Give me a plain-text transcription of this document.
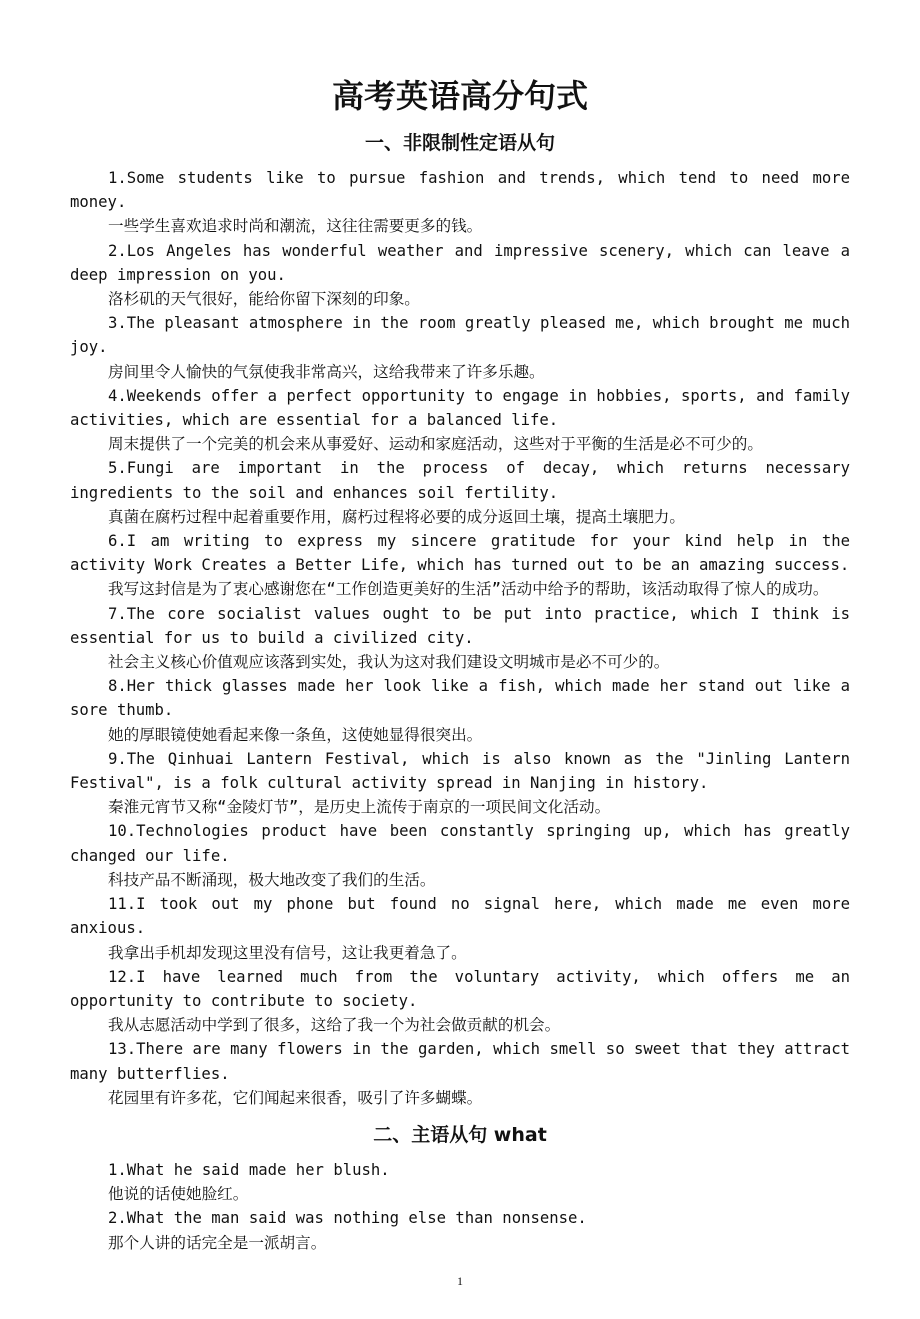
高考英语高分句式
一、非限制性定语从句

1.Some students like to pursue fashion and trends, which tend to need more money.

一些学生喜欢追求时尚和潮流，这往往需要更多的钱。

2.Los Angeles has wonderful weather and impressive scenery, which can leave a deep impression on you.

洛杉矶的天气很好，能给你留下深刻的印象。

3.The pleasant atmosphere in the room greatly pleased me, which brought me much joy.

房间里令人愉快的气氛使我非常高兴，这给我带来了许多乐趣。

4.Weekends offer a perfect opportunity to engage in hobbies, sports, and family activities, which are essential for a balanced life.

周末提供了一个完美的机会来从事爱好、运动和家庭活动，这些对于平衡的生活是必不可少的。

5.Fungi are important in the process of decay, which returns necessary ingredients to the soil and enhances soil fertility.

真菌在腐朽过程中起着重要作用，腐朽过程将必要的成分返回土壤，提高土壤肥力。

6.I am writing to express my sincere gratitude for your kind help in the activity Work Creates a Better Life, which has turned out to be an amazing success.

我写这封信是为了衷心感谢您在“工作创造更美好的生活”活动中给予的帮助，该活动取得了惊人的成功。

7.The core socialist values ought to be put into practice, which I think is essential for us to build a civilized city.

社会主义核心价值观应该落到实处，我认为这对我们建设文明城市是必不可少的。

8.Her thick glasses made her look like a fish, which made her stand out like a sore thumb.

她的厚眼镜使她看起来像一条鱼，这使她显得很突出。

9.The Qinhuai Lantern Festival, which is also known as the "Jinling Lantern Festival", is a folk cultural activity spread in Nanjing in history.

秦淮元宵节又称“金陵灯节”，是历史上流传于南京的一项民间文化活动。

10.Technologies product have been constantly springing up, which has greatly changed our life.

科技产品不断涌现，极大地改变了我们的生活。

11.I took out my phone but found no signal here, which made me even more anxious.

我拿出手机却发现这里没有信号，这让我更着急了。

12.I have learned much from the voluntary activity, which offers me an opportunity to contribute to society.

我从志愿活动中学到了很多，这给了我一个为社会做贡献的机会。

13.There are many flowers in the garden, which smell so sweet that they attract many butterflies.

花园里有许多花，它们闻起来很香，吸引了许多蝴蝶。

二、主语从句 what

1.What he said made her blush.

他说的话使她脸红。

2.What the man said was nothing else than nonsense.

那个人讲的话完全是一派胡言。

1
